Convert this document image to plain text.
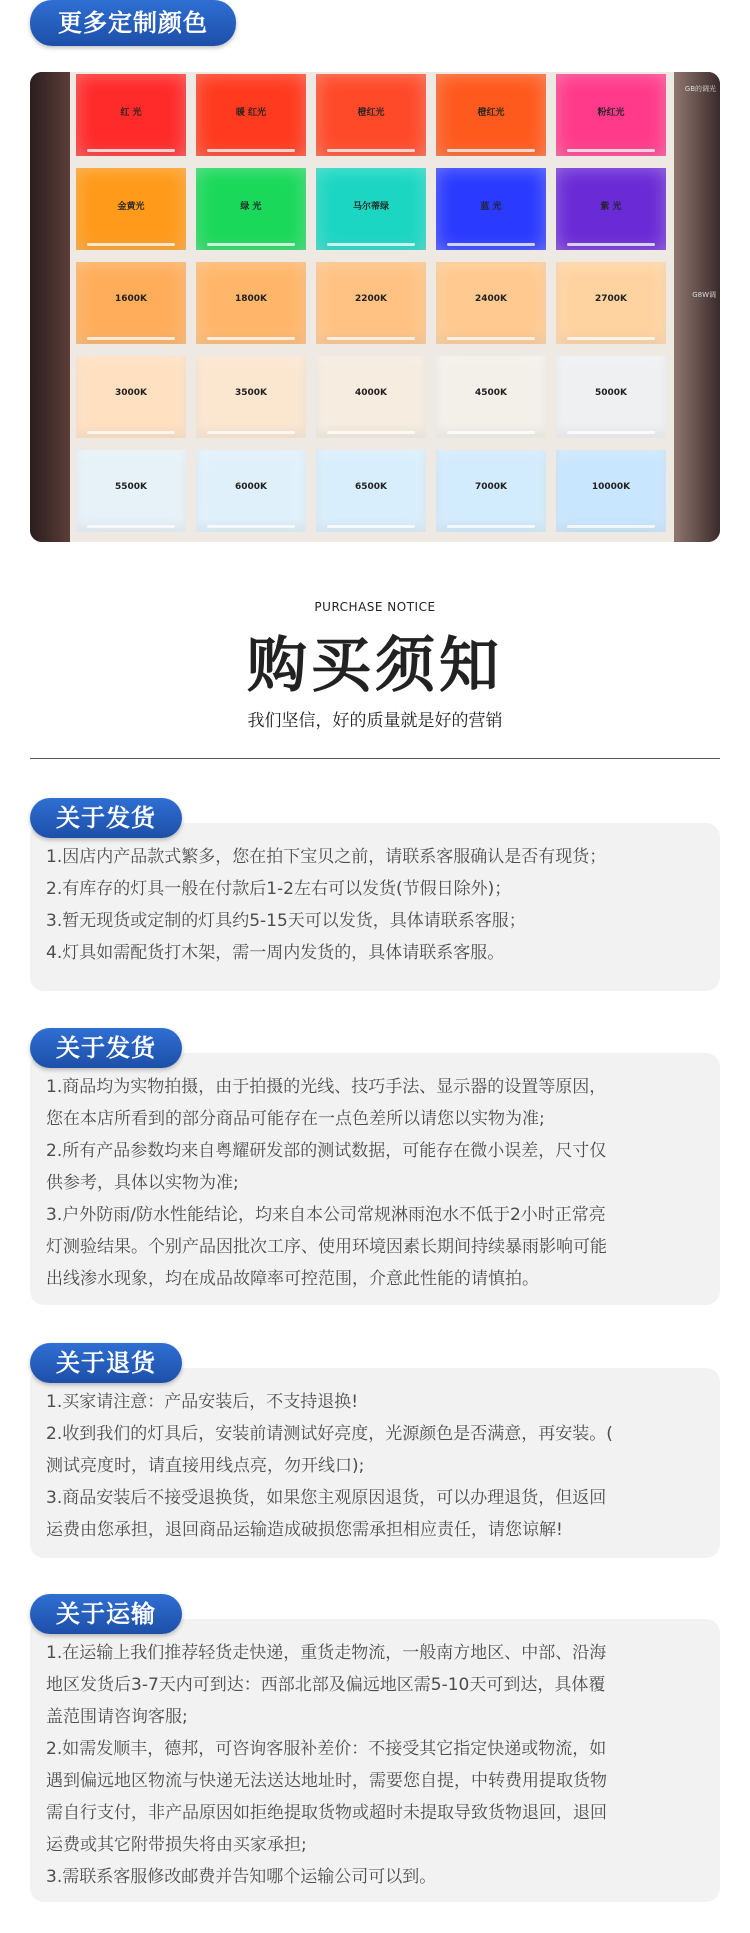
更多定制颜色
红 光	暖 红光	橙红光	橙红光	粉红光
金黄光	绿 光	马尔蒂绿	蓝 光	紫 光
1600K	1800K	2200K	2400K	2700K
3000K	3500K	4000K	4500K	5000K
5500K	6000K	6500K	7000K	10000K
GB的调光
G8W调
PURCHASE NOTICE
购买须知
我们坚信，好的质量就是好的营销
1.因店内产品款式繁多，您在拍下宝贝之前，请联系客服确认是否有现货；
2.有库存的灯具一般在付款后1-2左右可以发货(节假日除外)；
3.暂无现货或定制的灯具约5-15天可以发货，具体请联系客服；
4.灯具如需配货打木架，需一周内发货的，具体请联系客服。
关于发货
1.商品均为实物拍摄，由于拍摄的光线、技巧手法、显示器的设置等原因，
您在本店所看到的部分商品可能存在一点色差所以请您以实物为准;
2.所有产品参数均来自粤耀研发部的测试数据，可能存在微小误差，尺寸仅
供参考，具体以实物为准;
3.户外防雨/防水性能结论，均来自本公司常规淋雨泡水不低于2小时正常亮
灯测验结果。个别产品因批次工序、使用环境因素长期间持续暴雨影响可能
出线渗水现象，均在成品故障率可控范围，介意此性能的请慎拍。
关于发货
1.买家请注意：产品安装后，不支持退换!
2.收到我们的灯具后，安装前请测试好亮度，光源颜色是否满意，再安装。(
测试亮度时，请直接用线点亮，勿开线口);
3.商品安装后不接受退换货，如果您主观原因退货，可以办理退货，但返回
运费由您承担，退回商品运输造成破损您需承担相应责任，请您谅解!
关于退货
1.在运输上我们推荐轻货走快递，重货走物流，一般南方地区、中部、沿海
地区发货后3-7天内可到达：西部北部及偏远地区需5-10天可到达，具体覆
盖范围请咨询客服;
2.如需发顺丰，德邦，可咨询客服补差价：不接受其它指定快递或物流，如
遇到偏远地区物流与快递无法送达地址时，需要您自提，中转费用提取货物
需自行支付，非产品原因如拒绝提取货物或超时未提取导致货物退回，退回
运费或其它附带损失将由买家承担;
3.需联系客服修改邮费并告知哪个运输公司可以到。
关于运输
